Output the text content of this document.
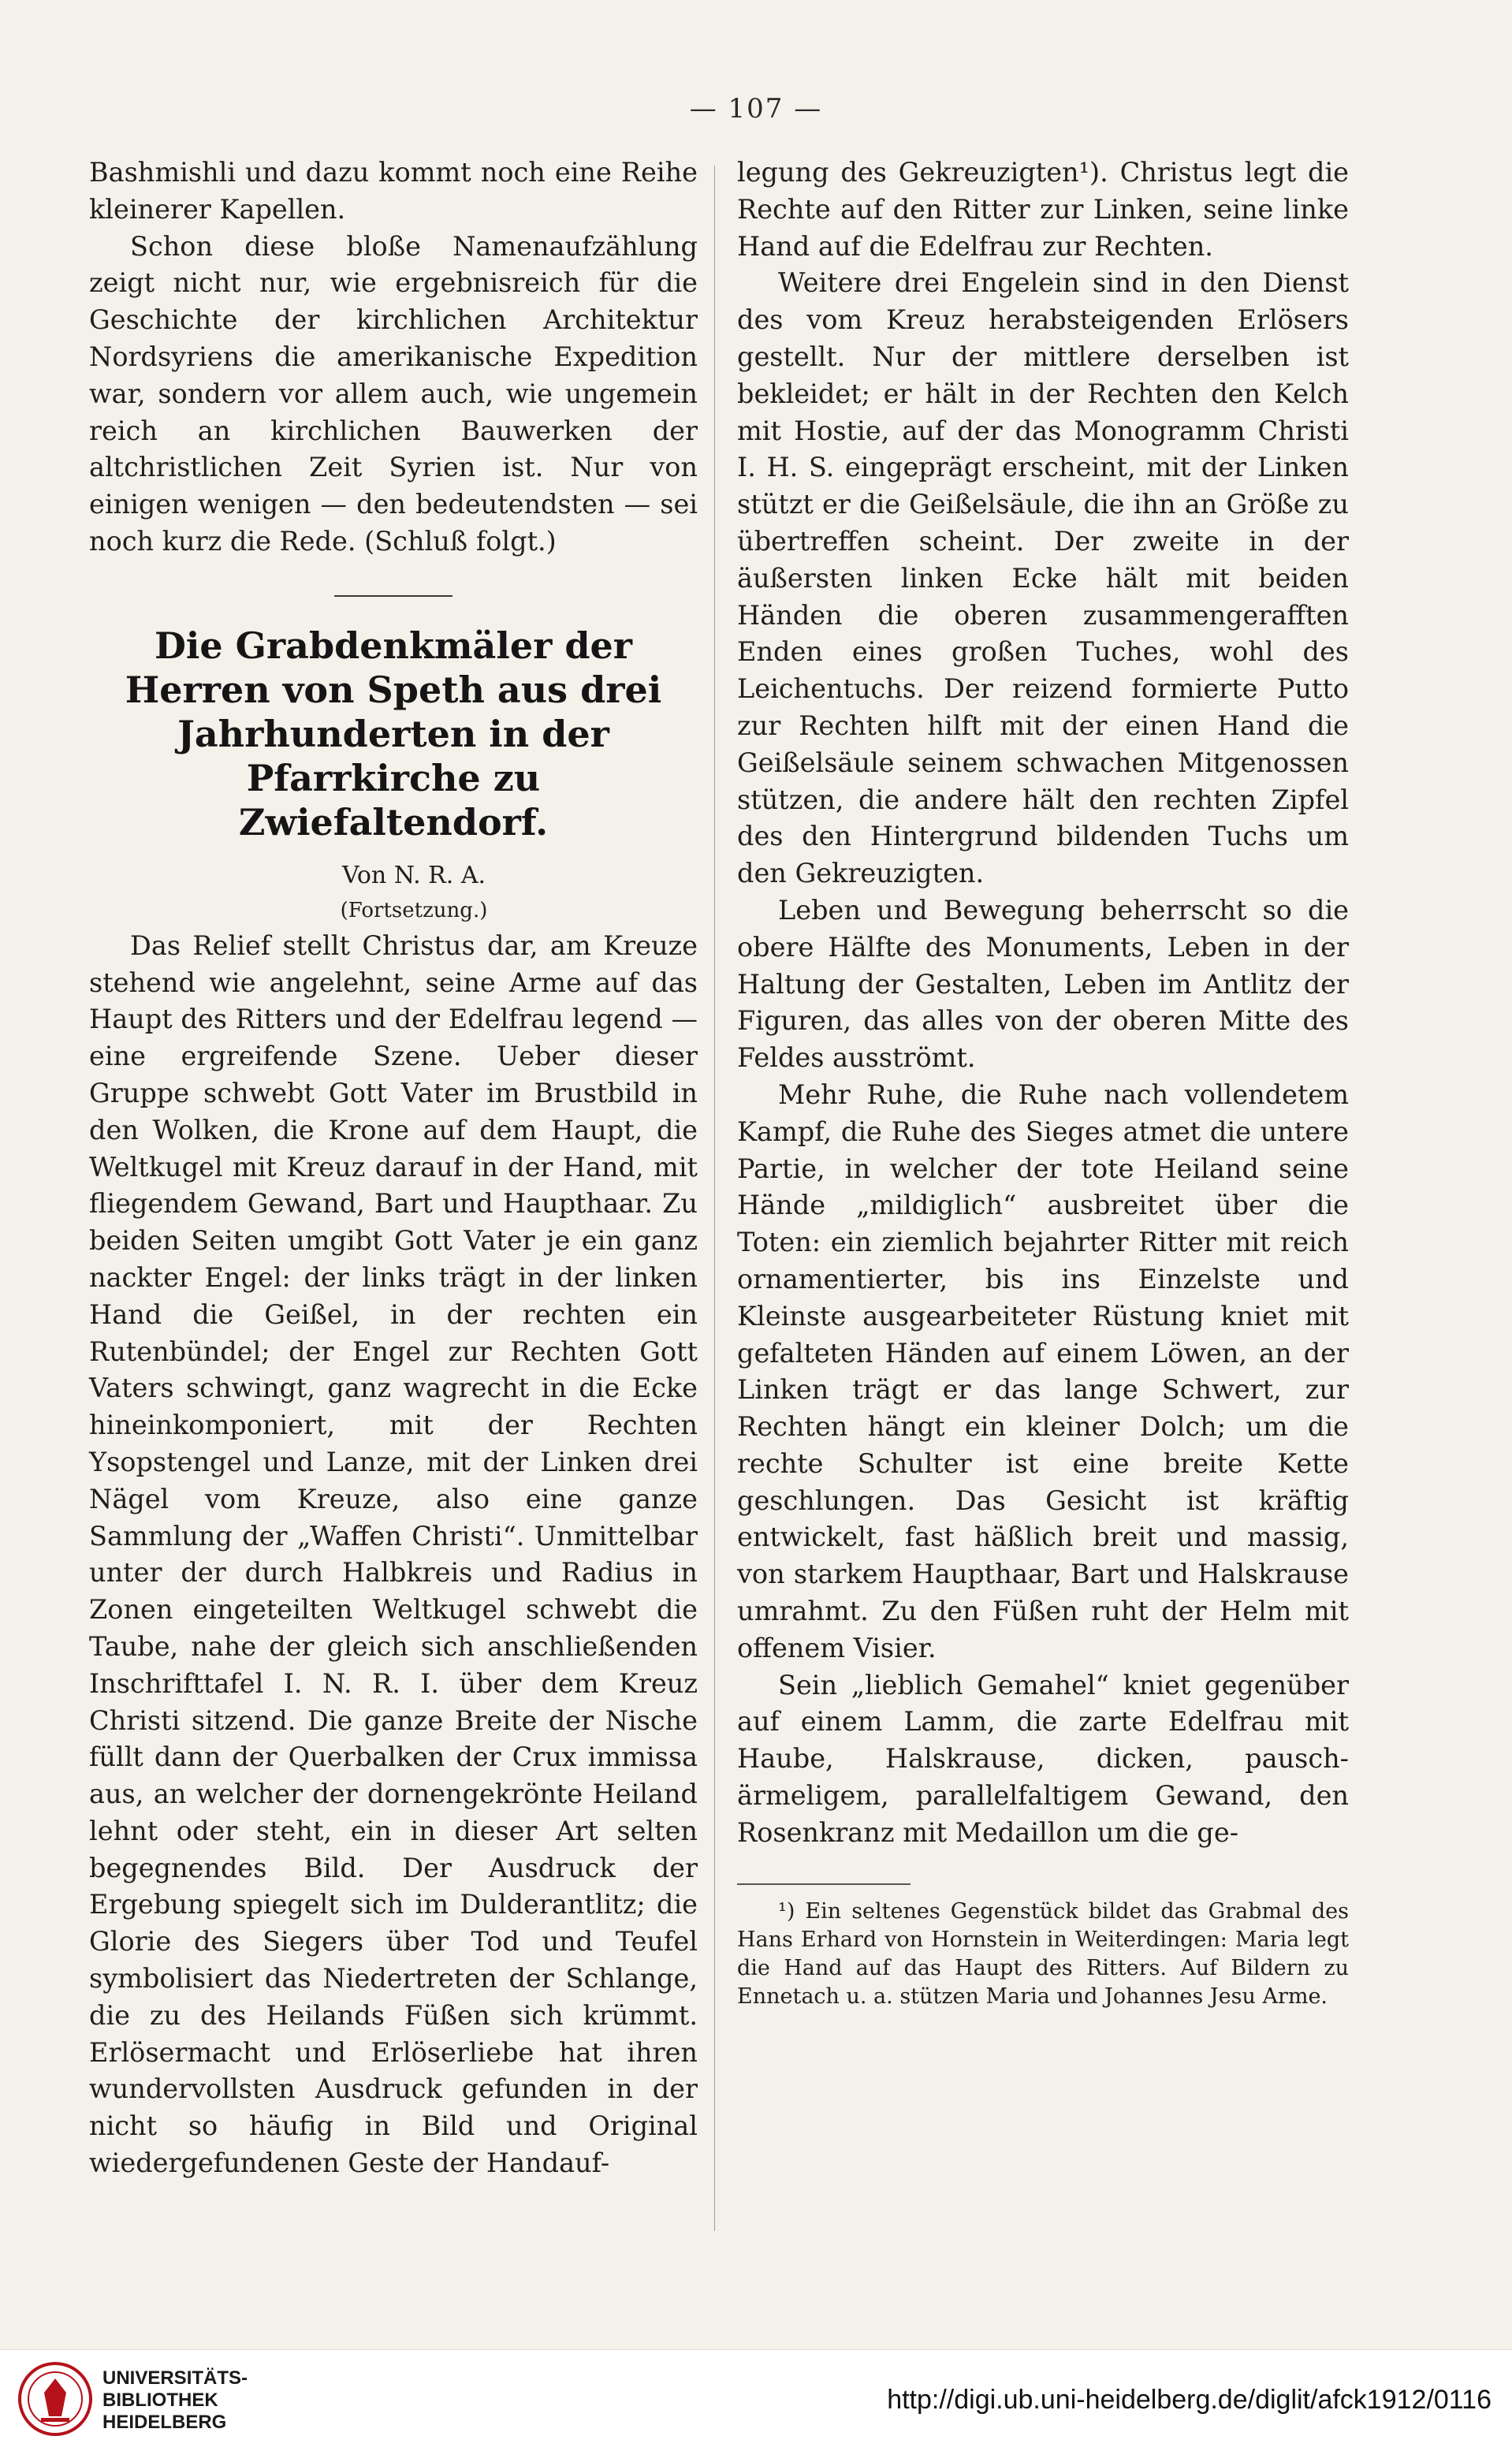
— 107 —

Bashmishli und dazu kommt noch eine Reihe kleinerer Kapellen.

Schon diese bloße Namenaufzählung zeigt nicht nur, wie ergebnisreich für die Geschichte der kirchlichen Architektur Nordsyriens die amerikanische Expedition war, sondern vor allem auch, wie ungemein reich an kirchlichen Bauwerken der altchristlichen Zeit Syrien ist. Nur von einigen wenigen — den bedeutendsten — sei noch kurz die Rede. (Schluß folgt.)

Die Grabdenkmäler der Herren von Speth aus drei Jahrhunderten in der Pfarrkirche zu Zwiefaltendorf.

Von N. R. A.

(Fortsetzung.)

Das Relief stellt Christus dar, am Kreuze stehend wie angelehnt, seine Arme auf das Haupt des Ritters und der Edelfrau legend — eine ergreifende Szene. Ueber dieser Gruppe schwebt Gott Vater im Brustbild in den Wolken, die Krone auf dem Haupt, die Weltkugel mit Kreuz darauf in der Hand, mit fliegendem Gewand, Bart und Haupthaar. Zu beiden Seiten umgibt Gott Vater je ein ganz nackter Engel: der links trägt in der linken Hand die Geißel, in der rechten ein Rutenbündel; der Engel zur Rechten Gott Vaters schwingt, ganz wagrecht in die Ecke hineinkomponiert, mit der Rechten Ysopstengel und Lanze, mit der Linken drei Nägel vom Kreuze, also eine ganze Sammlung der „Waffen Christi“. Unmittelbar unter der durch Halbkreis und Radius in Zonen eingeteilten Weltkugel schwebt die Taube, nahe der gleich sich anschließenden Inschrifttafel I. N. R. I. über dem Kreuz Christi sitzend. Die ganze Breite der Nische füllt dann der Querbalken der Crux immissa aus, an welcher der dornengekrönte Heiland lehnt oder steht, ein in dieser Art selten begegnendes Bild. Der Ausdruck der Ergebung spiegelt sich im Dulderantlitz; die Glorie des Siegers über Tod und Teufel symbolisiert das Niedertreten der Schlange, die zu des Heilands Füßen sich krümmt. Erlösermacht und Erlöserliebe hat ihren wundervollsten Ausdruck gefunden in der nicht so häufig in Bild und Original wiedergefundenen Geste der Handauf-

legung des Gekreuzigten¹). Christus legt die Rechte auf den Ritter zur Linken, seine linke Hand auf die Edelfrau zur Rechten.

Weitere drei Engelein sind in den Dienst des vom Kreuz herabsteigenden Erlösers gestellt. Nur der mittlere derselben ist bekleidet; er hält in der Rechten den Kelch mit Hostie, auf der das Monogramm Christi I. H. S. eingeprägt erscheint, mit der Linken stützt er die Geißelsäule, die ihn an Größe zu übertreffen scheint. Der zweite in der äußersten linken Ecke hält mit beiden Händen die oberen zusammengerafften Enden eines großen Tuches, wohl des Leichentuchs. Der reizend formierte Putto zur Rechten hilft mit der einen Hand die Geißelsäule seinem schwachen Mitgenossen stützen, die andere hält den rechten Zipfel des den Hintergrund bildenden Tuchs um den Gekreuzigten.

Leben und Bewegung beherrscht so die obere Hälfte des Monuments, Leben in der Haltung der Gestalten, Leben im Antlitz der Figuren, das alles von der oberen Mitte des Feldes ausströmt.

Mehr Ruhe, die Ruhe nach vollendetem Kampf, die Ruhe des Sieges atmet die untere Partie, in welcher der tote Heiland seine Hände „mildiglich“ ausbreitet über die Toten: ein ziemlich bejahrter Ritter mit reich ornamentierter, bis ins Einzelste und Kleinste ausgearbeiteter Rüstung kniet mit gefalteten Händen auf einem Löwen, an der Linken trägt er das lange Schwert, zur Rechten hängt ein kleiner Dolch; um die rechte Schulter ist eine breite Kette geschlungen. Das Gesicht ist kräftig entwickelt, fast häßlich breit und massig, von starkem Haupthaar, Bart und Halskrause umrahmt. Zu den Füßen ruht der Helm mit offenem Visier.

Sein „lieblich Gemahel“ kniet gegenüber auf einem Lamm, die zarte Edelfrau mit Haube, Halskrause, dicken, pausch-ärmeligem, parallelfaltigem Gewand, den Rosenkranz mit Medaillon um die ge-

¹) Ein seltenes Gegenstück bildet das Grabmal des Hans Erhard von Hornstein in Weiterdingen: Maria legt die Hand auf das Haupt des Ritters. Auf Bildern zu Ennetach u. a. stützen Maria und Johannes Jesu Arme.

UNIVERSITÄTS-
BIBLIOTHEK
HEIDELBERG
http://digi.ub.uni-heidelberg.de/diglit/afck1912/0116
